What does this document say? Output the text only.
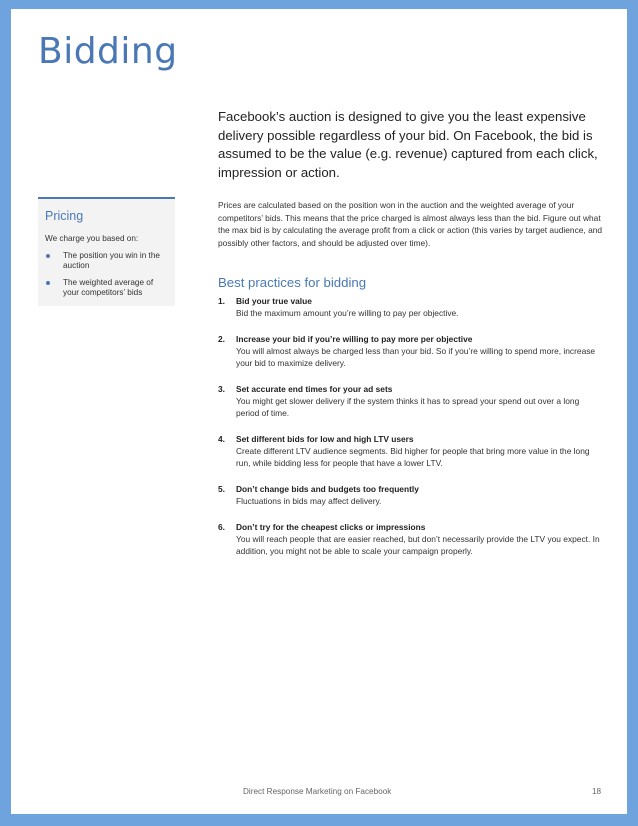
Bidding

Facebook’s auction is designed to give you the least expensive delivery possible regardless of your bid. On Facebook, the bid is assumed to be the value (e.g. revenue) captured from each click, impression or action.

Prices are calculated based on the position won in the auction and the weighted average of your competitors’ bids. This means that the price charged is almost always less than the bid. Figure out what the max bid is by calculating the average profit from a click or action (this varies by target audience, and possibly other factors, and should be adjusted over time).

Pricing

We charge you based on:

The position you win in the auction
The weighted average of your competitors’ bids
Best practices for bidding
1. Bid your true value

Bid the maximum amount you’re willing to pay per objective.

2. Increase your bid if you’re willing to pay more per objective

You will almost always be charged less than your bid. So if you’re willing to spend more, increase your bid to maximize delivery.

3. Set accurate end times for your ad sets

You might get slower delivery if the system thinks it has to spread your spend out over a long period of time.

4. Set different bids for low and high LTV users

Create different LTV audience segments. Bid higher for people that bring more value in the long run, while bidding less for people that have a lower LTV.

5. Don’t change bids and budgets too frequently

Fluctuations in bids may affect delivery.

6. Don’t try for the cheapest clicks or impressions

You will reach people that are easier reached, but don’t necessarily provide the LTV you expect. In addition, you might not be able to scale your campaign properly.

Direct Response Marketing on Facebook	18
